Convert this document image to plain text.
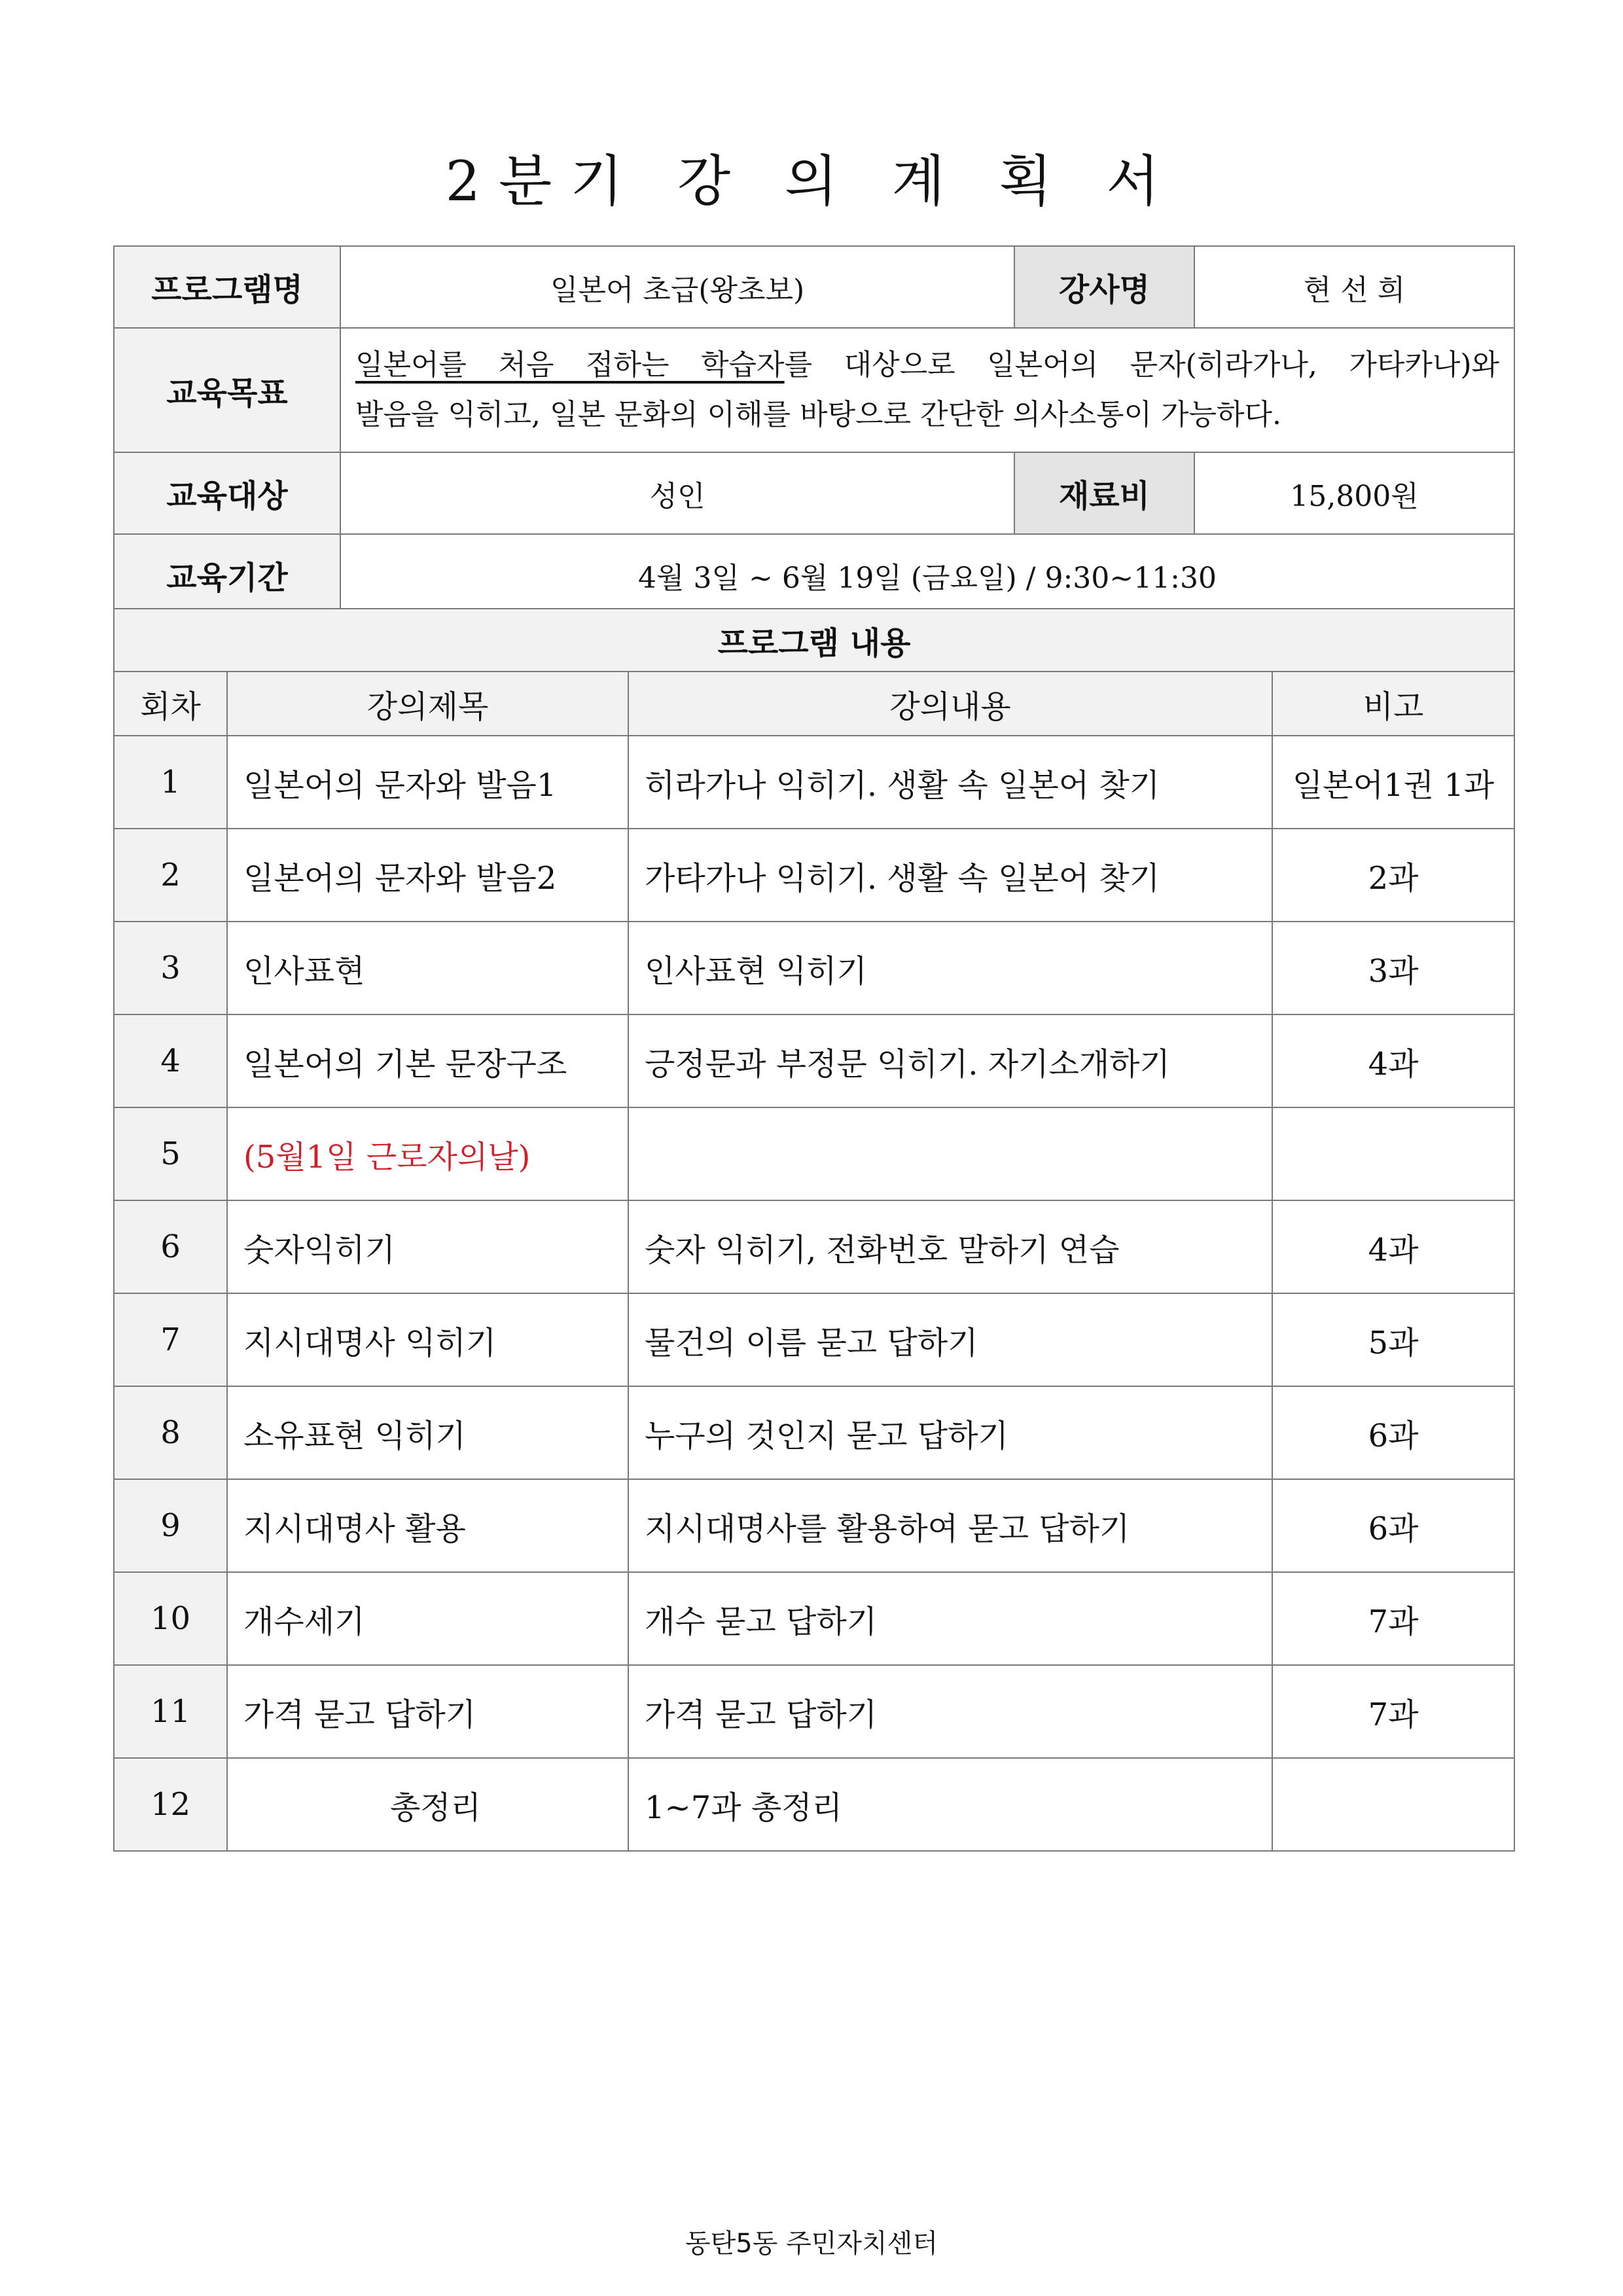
2분기 강 의 계 획 서
프로그램명	일본어 초급(왕초보)	강사명	현 선 희
교육목표	일본어를 처음 접하는 학습자를 대상으로 일본어의 문자(히라가나, 가타카나)와
발음을 익히고, 일본 문화의 이해를 바탕으로 간단한 의사소통이 가능하다.		

교육대상	성인	재료비	15,800원
교육기간	4월 3일 ~ 6월 19일 (금요일) / 9:30~11:30		
프로그램 내용			
회차	강의제목	강의내용	비고
1	일본어의 문자와 발음1	히라가나 익히기. 생활 속 일본어 찾기	일본어1권 1과
2	일본어의 문자와 발음2	가타가나 익히기. 생활 속 일본어 찾기	2과
3	인사표현	인사표현 익히기	3과
4	일본어의 기본 문장구조	긍정문과 부정문 익히기. 자기소개하기	4과
5	(5월1일 근로자의날)		
6	숫자익히기	숫자 익히기, 전화번호 말하기 연습	4과
7	지시대명사 익히기	물건의 이름 묻고 답하기	5과
8	소유표현 익히기	누구의 것인지 묻고 답하기	6과
9	지시대명사 활용	지시대명사를 활용하여 묻고 답하기	6과
10	개수세기	개수 묻고 답하기	7과
11	가격 묻고 답하기	가격 묻고 답하기	7과
12	총정리	1~7과 총정리	
동탄5동 주민자치센터
